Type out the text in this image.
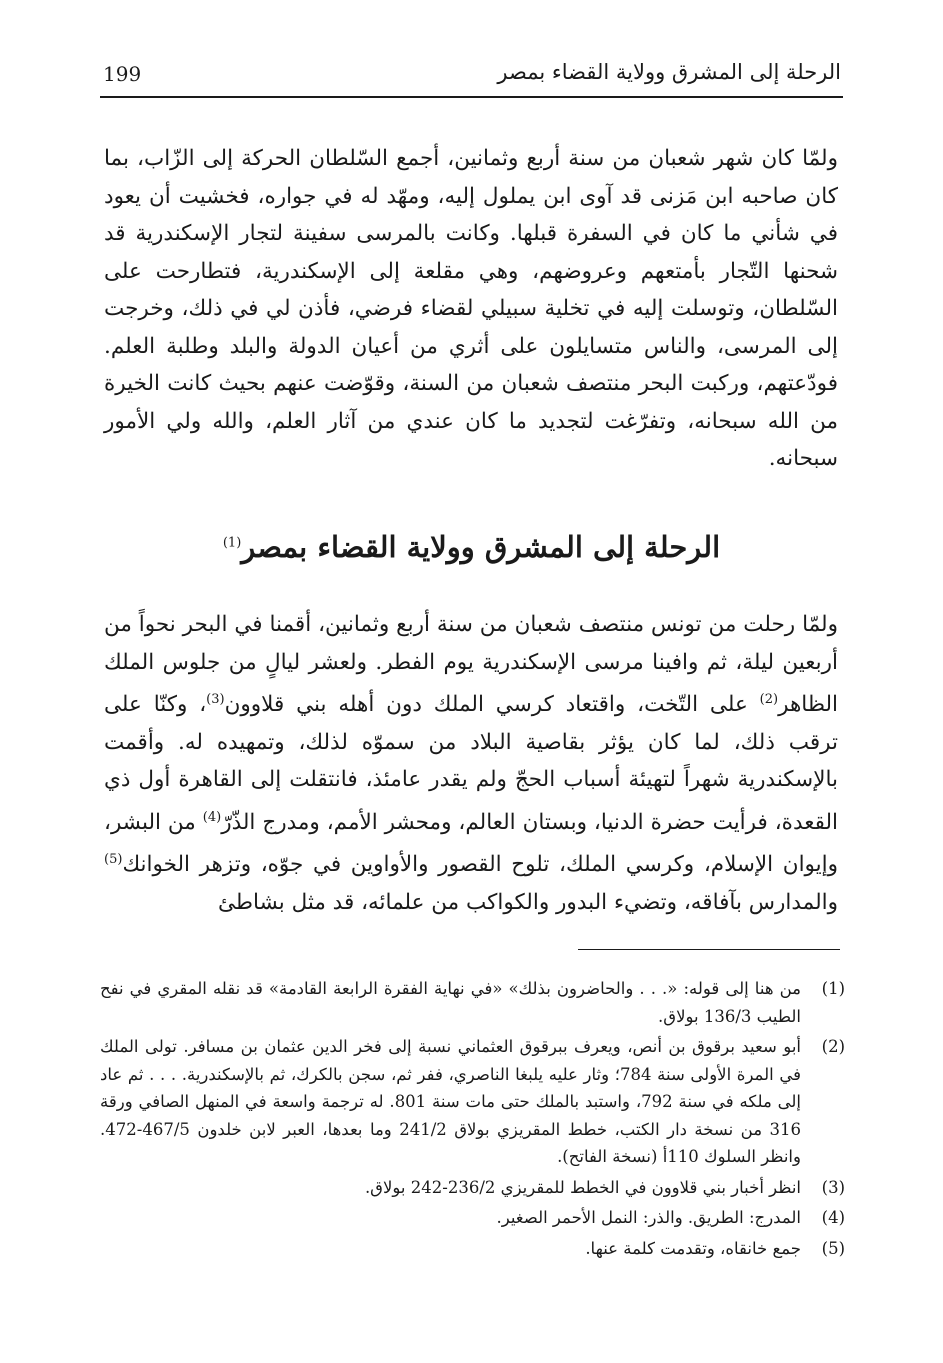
199	الرحلة إلى المشرق وولاية القضاء بمصر

ولمّا كان شهر شعبان من سنة أربع وثمانين، أجمع السّلطان الحركة إلى الزّاب، بما كان صاحبه ابن مَزنى قد آوى ابن يملول إليه، ومهّد له في جواره، فخشيت أن يعود في شأني ما كان في السفرة قبلها. وكانت بالمرسى سفينة لتجار الإسكندرية قد شحنها التّجار بأمتعهم وعروضهم، وهي مقلعة إلى الإسكندرية، فتطارحت على السّلطان، وتوسلت إليه في تخلية سبيلي لقضاء فرضي، فأذن لي في ذلك، وخرجت إلى المرسى، والناس متسايلون على أثري من أعيان الدولة والبلد وطلبة العلم. فودّعتهم، وركبت البحر منتصف شعبان من السنة، وقوّضت عنهم بحيث كانت الخيرة من الله سبحانه، وتفرّغت لتجديد ما كان عندي من آثار العلم، والله ولي الأمور سبحانه.

الرحلة إلى المشرق وولاية القضاء بمصر$^{(1)}$

ولمّا رحلت من تونس منتصف شعبان من سنة أربع وثمانين، أقمنا في البحر نحواً من أربعين ليلة، ثم وافينا مرسى الإسكندرية يوم الفطر. ولعشر ليالٍ من جلوس الملك الظاهر$^{(2)}$ على التّخت، واقتعاد كرسي الملك دون أهله بني قلاوون$^{(3)}$، وكنّا على ترقب ذلك، لما كان يؤثر بقاصية البلاد من سموّه لذلك، وتمهيده له. وأقمت بالإسكندرية شهراً لتهيئة أسباب الحجّ ولم يقدر عامئذ، فانتقلت إلى القاهرة أول ذي القعدة، فرأيت حضرة الدنيا، وبستان العالم، ومحشر الأمم، ومدرج الذّرّ$^{(4)}$ من البشر، وإيوان الإسلام، وكرسي الملك، تلوح القصور والأواوين في جوّه، وتزهر الخوانك$^{(5)}$ والمدارس بآفاقه، وتضيء البدور والكواكب من علمائه، قد مثل بشاطئ

(1)
من هنا إلى قوله: «. . . والحاضرون بذلك» «في نهاية الفقرة الرابعة القادمة» قد نقله المقري في نفح الطيب 136/3 بولاق.
(2)
أبو سعيد برقوق بن أنص، ويعرف ببرقوق العثماني نسبة إلى فخر الدين عثمان بن مسافر. تولى الملك في المرة الأولى سنة 784؛ وثار عليه يلبغا الناصري، ففر ثم، سجن بالكرك، ثم بالإسكندرية. . . . ثم عاد إلى ملكه في سنة 792، واستبد بالملك حتى مات سنة 801. له ترجمة واسعة في المنهل الصافي ورقة 316 من نسخة دار الكتب، خطط المقريزي بولاق 241/2 وما بعدها، العبر لابن خلدون 467/5-472. وانظر السلوك 110أ (نسخة الفاتح).
(3)
انظر أخبار بني قلاوون في الخطط للمقريزي 236/2-242 بولاق.
(4)
المدرج: الطريق. والذر: النمل الأحمر الصغير.
(5)
جمع خانقاه، وتقدمت كلمة عنها.
